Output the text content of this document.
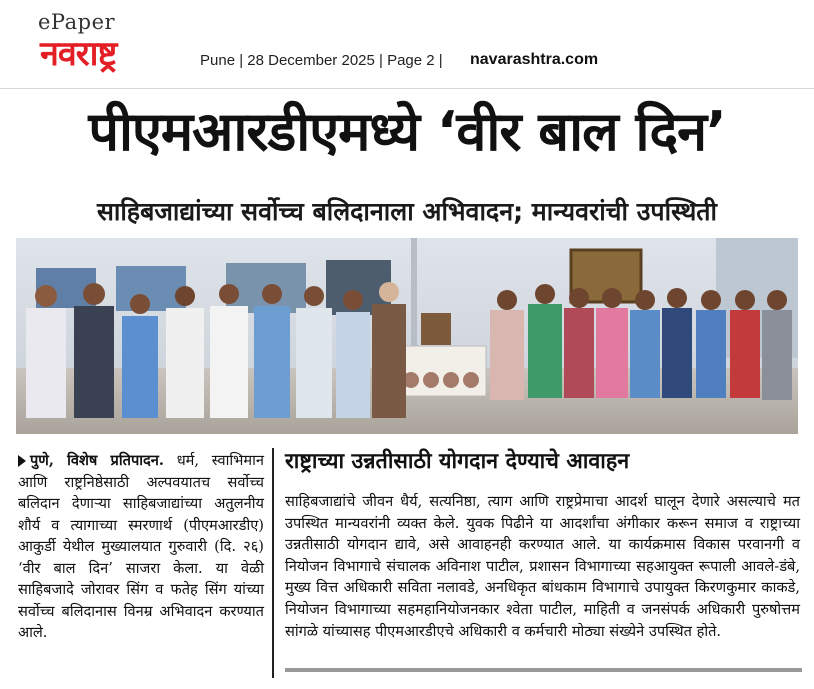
ePaper
नवराष्ट्र	Pune | 28 December 2025 | Page 2 | navarashtra.com
पीएमआरडीएमध्ये ‘वीर बाल दिन’
साहिबजाद्यांच्या सर्वोच्च बलिदानाला अभिवादन; मान्यवरांची उपस्थिती
पुणे, विशेष प्रतिपादन. धर्म, स्वाभिमान आणि राष्ट्रनिष्ठेसाठी अल्पवयातच सर्वोच्च बलिदान देणाऱ्या साहिबजाद्यांच्या अतुलनीय शौर्य व त्यागाच्या स्मरणार्थ (पीएमआरडीए) आकुर्डी येथील मुख्यालयात गुरुवारी (दि. २६) ‘वीर बाल दिन’ साजरा केला. या वेळी साहिबजादे जोरावर सिंग व फतेह सिंग यांच्या सर्वोच्च बलिदानास विनम्र अभिवादन करण्यात आले.
राष्ट्राच्या उन्नतीसाठी योगदान देण्याचे आवाहन
साहिबजाद्यांचे जीवन धैर्य, सत्यनिष्ठा, त्याग आणि राष्ट्रप्रेमाचा आदर्श घालून देणारे असल्याचे मत उपस्थित मान्यवरांनी व्यक्त केले. युवक पिढीने या आदर्शांचा अंगीकार करून समाज व राष्ट्राच्या उन्नतीसाठी योगदान द्यावे, असे आवाहनही करण्यात आले. या कार्यक्रमास विकास परवानगी व नियोजन विभागाचे संचालक अविनाश पाटील, प्रशासन विभागाच्या सहआयुक्त रूपाली आवले-डंबे, मुख्य वित्त अधिकारी सविता नलावडे, अनधिकृत बांधकाम विभागाचे उपायुक्त किरणकुमार काकडे, नियोजन विभागाच्या सहमहानियोजनकार श्वेता पाटील, माहिती व जनसंपर्क अधिकारी पुरुषोत्तम सांगळे यांच्यासह पीएमआरडीएचे अधिकारी व कर्मचारी मोठ्या संख्येने उपस्थित होते.
